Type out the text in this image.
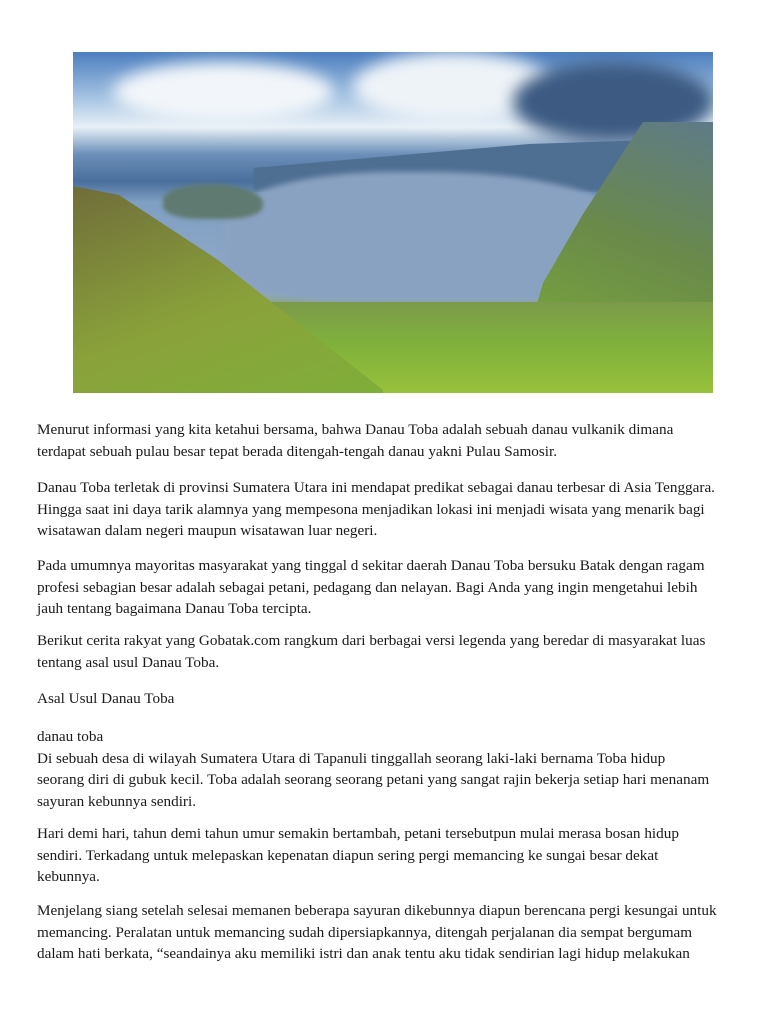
Menurut informasi yang kita ketahui bersama, bahwa Danau Toba adalah sebuah danau vulkanik dimana

terdapat sebuah pulau besar tepat berada ditengah-tengah danau yakni Pulau Samosir.

Danau Toba terletak di provinsi Sumatera Utara ini mendapat predikat sebagai danau terbesar di Asia Tenggara.

Hingga saat ini daya tarik alamnya yang mempesona menjadikan lokasi ini menjadi wisata yang menarik bagi

wisatawan dalam negeri maupun wisatawan luar negeri.

Pada umumnya mayoritas masyarakat yang tinggal d sekitar daerah Danau Toba bersuku Batak dengan ragam

profesi sebagian besar adalah sebagai petani, pedagang dan nelayan. Bagi Anda yang ingin mengetahui lebih

jauh tentang bagaimana Danau Toba tercipta.

Berikut cerita rakyat yang Gobatak.com rangkum dari berbagai versi legenda yang beredar di masyarakat luas

tentang asal usul Danau Toba.

Asal Usul Danau Toba

danau toba

Di sebuah desa di wilayah Sumatera Utara di Tapanuli tinggallah seorang laki-laki bernama Toba hidup

seorang diri di gubuk kecil. Toba adalah seorang seorang petani yang sangat rajin bekerja setiap hari menanam

sayuran kebunnya sendiri.

Hari demi hari, tahun demi tahun umur semakin bertambah, petani tersebutpun mulai merasa bosan hidup

sendiri. Terkadang untuk melepaskan kepenatan diapun sering pergi memancing ke sungai besar dekat

kebunnya.

Menjelang siang setelah selesai memanen beberapa sayuran dikebunnya diapun berencana pergi kesungai untuk

memancing. Peralatan untuk memancing sudah dipersiapkannya, ditengah perjalanan dia sempat bergumam

dalam hati berkata, “seandainya aku memiliki istri dan anak tentu aku tidak sendirian lagi hidup melakukan
